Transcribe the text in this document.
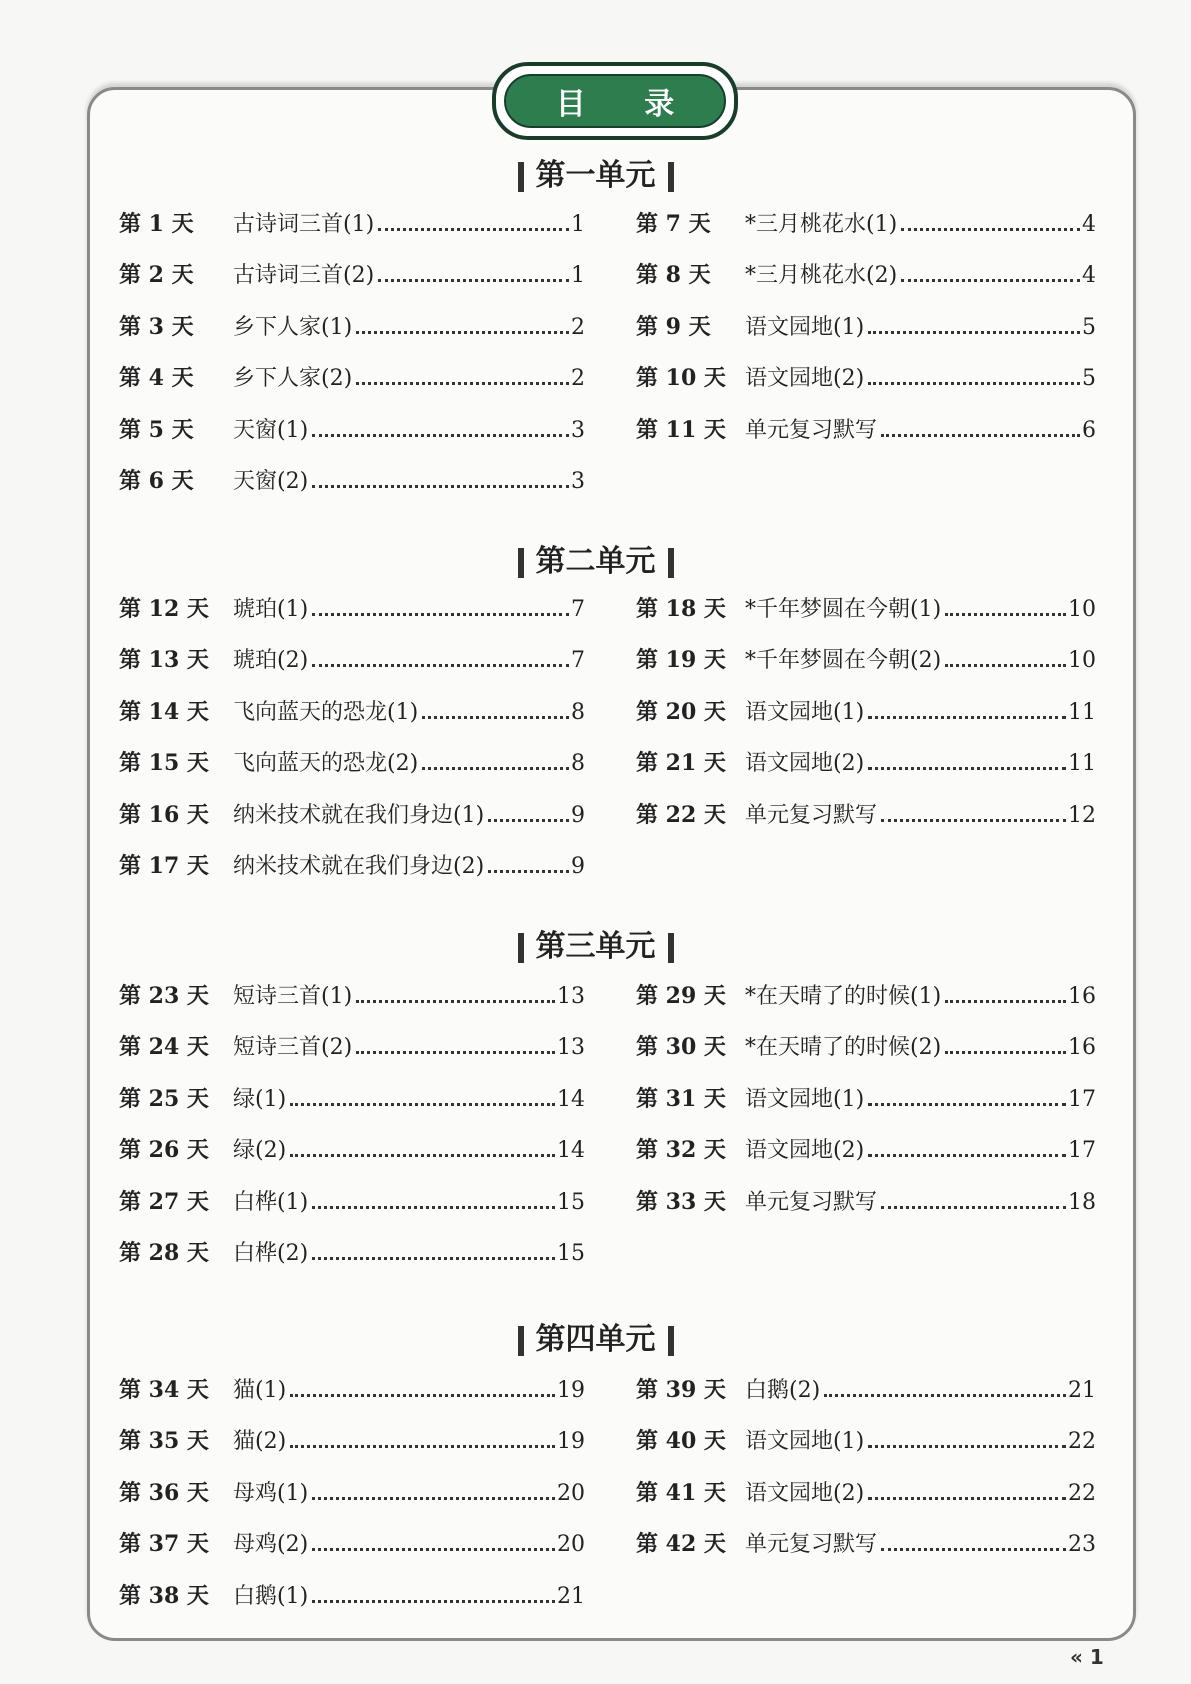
目 录
第一单元
第 1 天	古诗词三首(1)	1
第 2 天	古诗词三首(2)	1
第 3 天	乡下人家(1)	2
第 4 天	乡下人家(2)	2
第 5 天	天窗(1)	3
第 6 天	天窗(2)	3
第 7 天	*三月桃花水(1)	4
第 8 天	*三月桃花水(2)	4
第 9 天	语文园地(1)	5
第 10 天 语文园地(2)	5
第 11 天 单元复习默写	6
第二单元
第 12 天	琥珀(1)	7
第 13 天	琥珀(2)	7
第 14 天	飞向蓝天的恐龙(1)	8
第 15 天	飞向蓝天的恐龙(2)	8
第 16 天	纳米技术就在我们身边(1)	9
第 17 天	纳米技术就在我们身边(2)	9
第 18 天 *千年梦圆在今朝(1)	10
第 19 天 *千年梦圆在今朝(2)	10
第 20 天 语文园地(1)	11
第 21 天 语文园地(2)	11
第 22 天 单元复习默写	12
第三单元
第 23 天	短诗三首(1)	13
第 24 天	短诗三首(2)	13
第 25 天	绿(1)	14
第 26 天	绿(2)	14
第 27 天	白桦(1)	15
第 28 天	白桦(2)	15
第 29 天 *在天晴了的时候(1)	16
第 30 天 *在天晴了的时候(2)	16
第 31 天 语文园地(1)	17
第 32 天 语文园地(2)	17
第 33 天 单元复习默写	18
第四单元
第 34 天	猫(1)	19
第 35 天	猫(2)	19
第 36 天	母鸡(1)	20
第 37 天	母鸡(2)	20
第 38 天	白鹅(1)	21
第 39 天 白鹅(2)	21
第 40 天 语文园地(1)	22
第 41 天 语文园地(2)	22
第 42 天 单元复习默写	23
« 1
